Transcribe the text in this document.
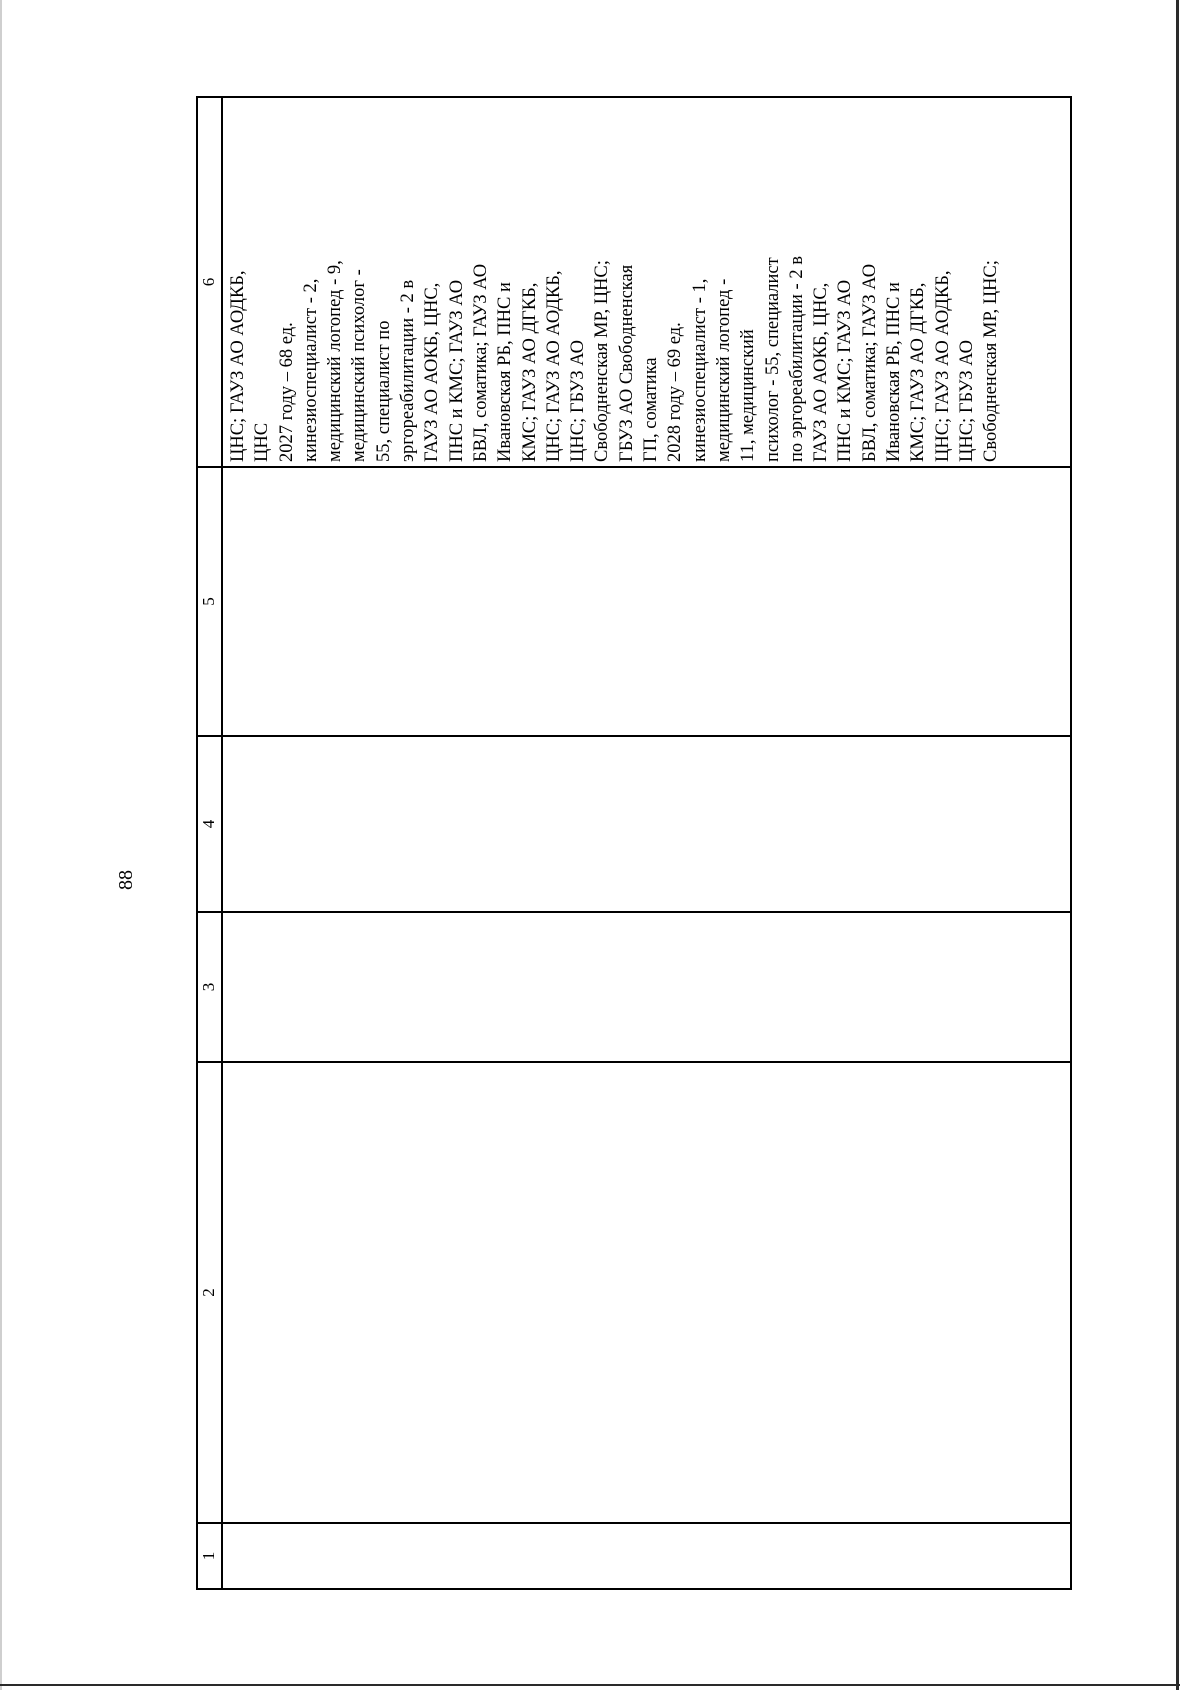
88
1
2
3
4
5
6 ЦНС; ГАУЗ АО АОДКБ, ЦНС 2027 году – 68 ед. кинезиоспециалист - 2, медицинский логопед - 9, медицинский психолог - 55, специалист по эргореабилитации - 2 в ГАУЗ АО АОКБ, ЦНС, ПНС и КМС; ГАУЗ АО БВЛ, соматика; ГАУЗ АО Ивановская РБ, ПНС и КМС; ГАУЗ АО ДГКБ, ЦНС; ГАУЗ АО АОДКБ, ЦНС; ГБУЗ АО Свободненская МР, ЦНС; ГБУЗ АО Свободненская ГП, соматика 2028 году – 69 ед. кинезиоспециалист - 1, медицинский логопед - 11, медицинский психолог - 55, специалист по эргореабилитации - 2 в ГАУЗ АО АОКБ, ЦНС, ПНС и КМС; ГАУЗ АО БВЛ, соматика; ГАУЗ АО Ивановская РБ, ПНС и КМС; ГАУЗ АО ДГКБ, ЦНС; ГАУЗ АО АОДКБ, ЦНС; ГБУЗ АО Свободненская МР, ЦНС;
